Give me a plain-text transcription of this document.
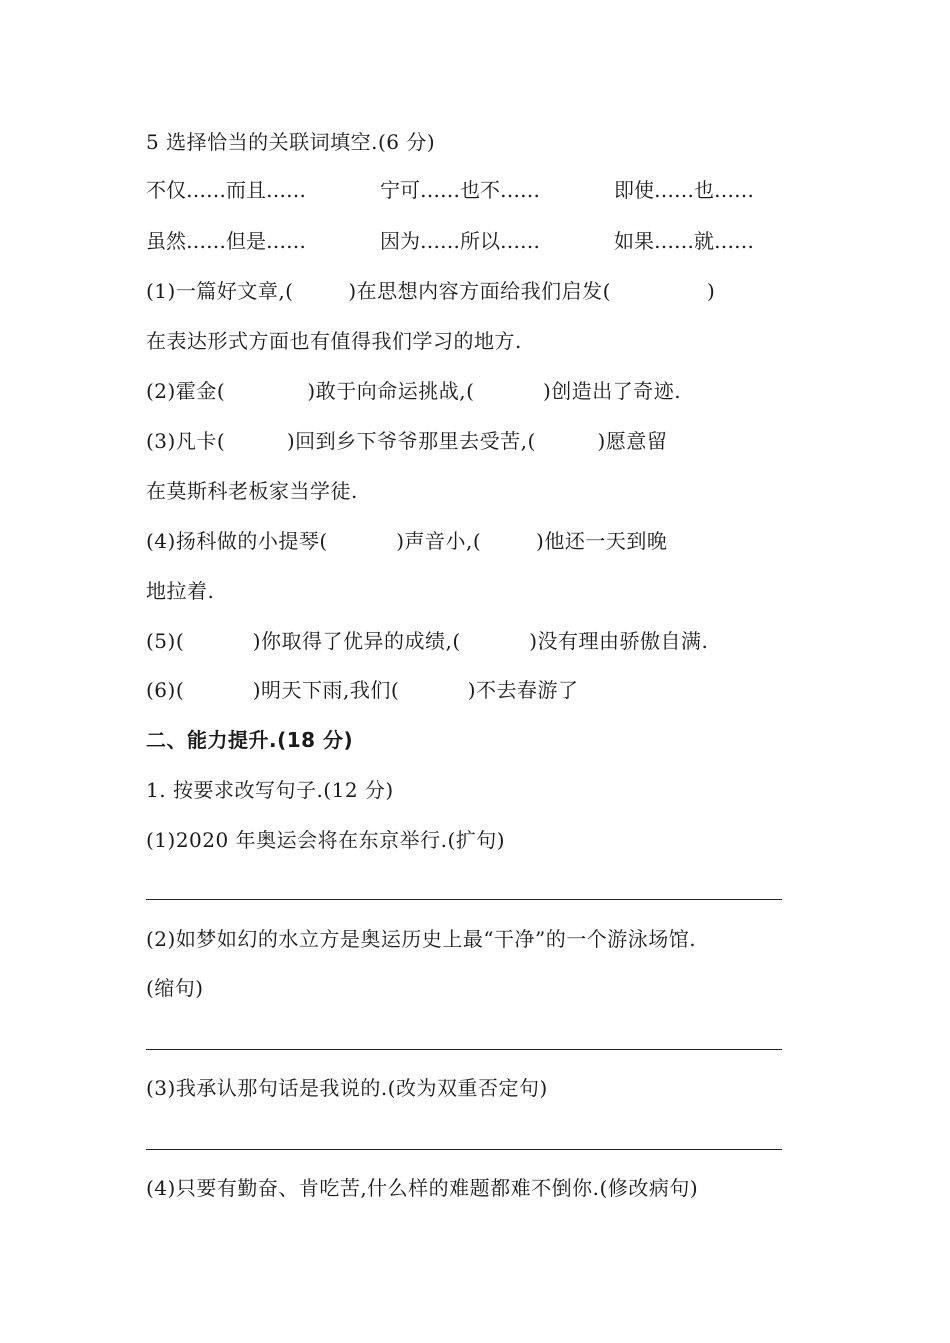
5 选择恰当的关联词填空.(6 分)
不仅……而且……	宁可……也不……	即使……也……
虽然……但是……	因为……所以……	如果……就……
(1)一篇好文章,(        )在思想内容方面给我们启发(              )
在表达形式方面也有值得我们学习的地方.
(2)霍金(            )敢于向命运挑战,(          )创造出了奇迹.
(3)凡卡(         )回到乡下爷爷那里去受苦,(         )愿意留
在莫斯科老板家当学徒.
(4)扬科做的小提琴(          )声音小,(        )他还一天到晚
地拉着.
(5)(          )你取得了优异的成绩,(          )没有理由骄傲自满.
(6)(          )明天下雨,我们(          )不去春游了
二、能力提升.(18 分)
1. 按要求改写句子.(12 分)
(1)2020 年奥运会将在东京举行.(扩句)
(2)如梦如幻的水立方是奥运历史上最“干净”的一个游泳场馆.
(缩句)
(3)我承认那句话是我说的.(改为双重否定句)
(4)只要有勤奋、肯吃苦,什么样的难题都难不倒你.(修改病句)
